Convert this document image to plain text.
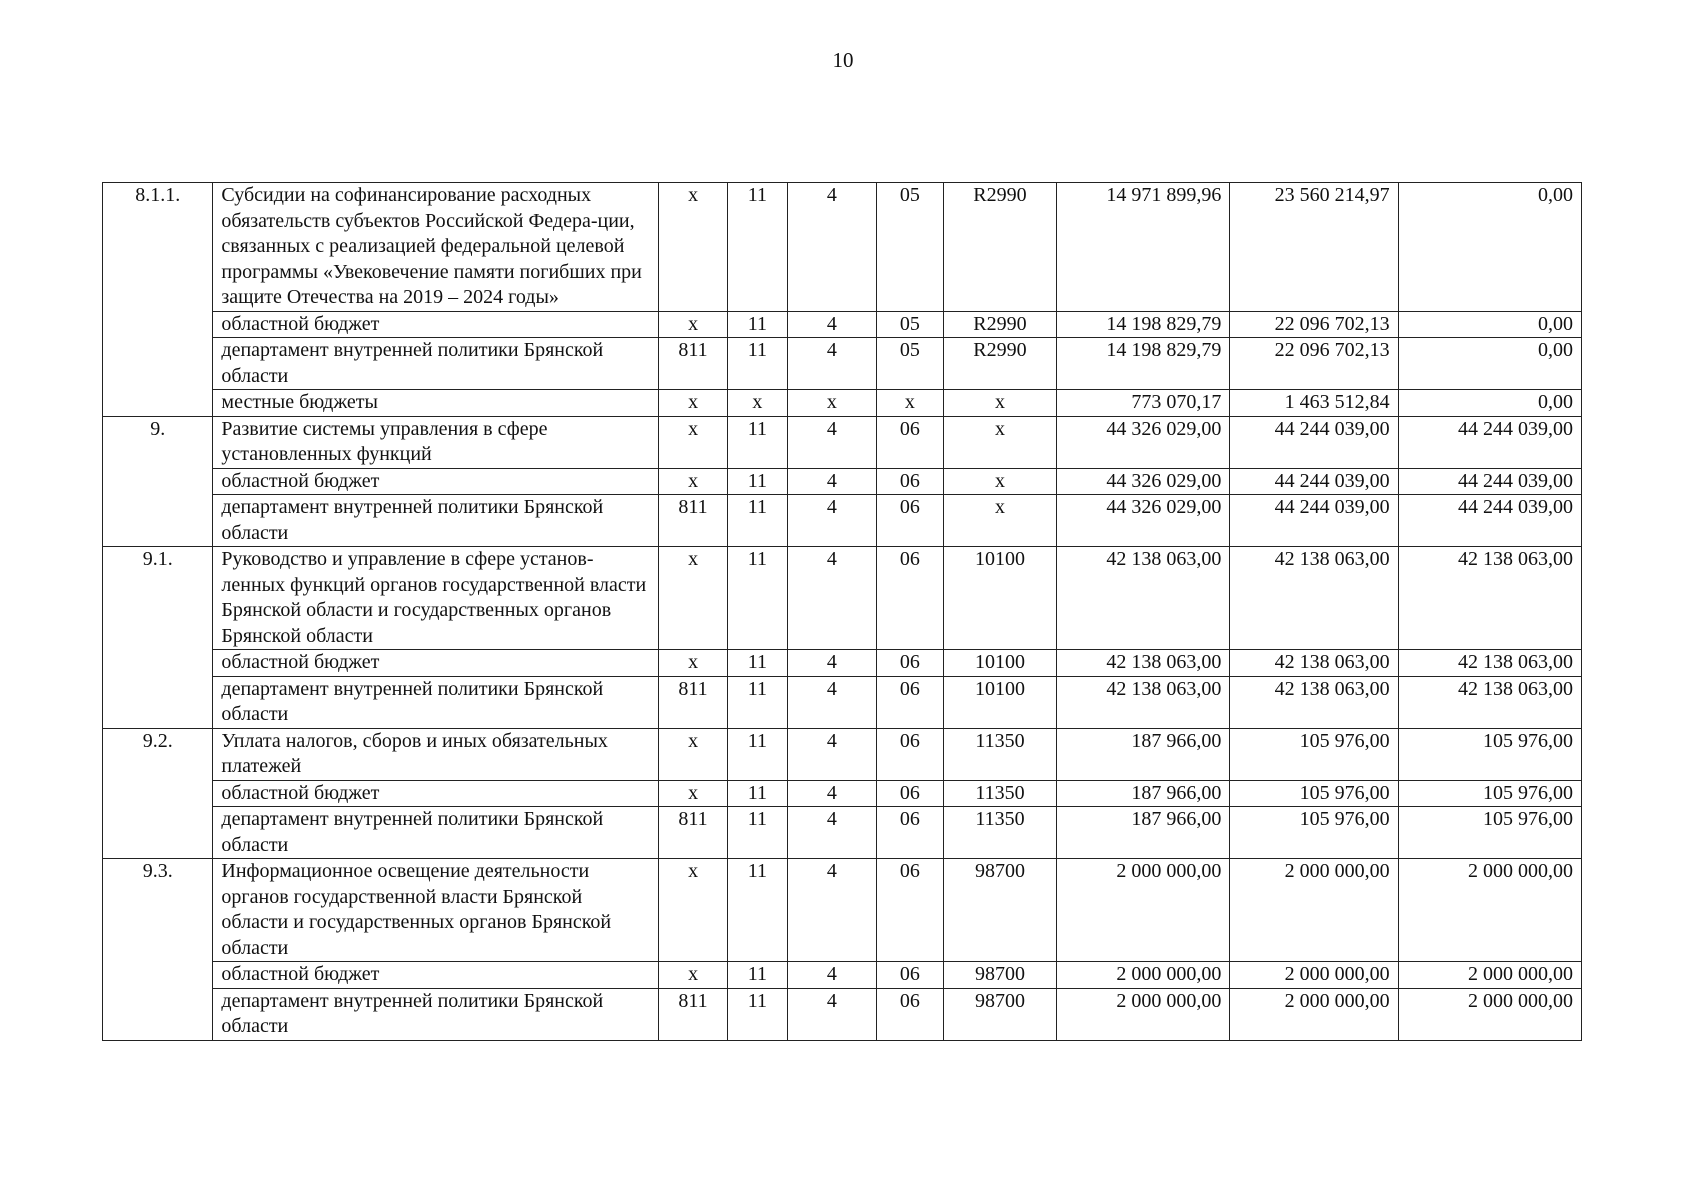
10
8.1.1.	Субсидии на софинансирование расходных обязательств субъектов Российской Федера-ции, связанных с реализацией федеральной целевой программы «Увековечение памяти погибших при защите Отечества на 2019 – 2024 годы»	х	11	4	05	R2990	14 971 899,96	23 560 214,97	0,00
	областной бюджет	х	11	4	05	R2990	14 198 829,79	22 096 702,13	0,00
	департамент внутренней политики Брянской области	811	11	4	05	R2990	14 198 829,79	22 096 702,13	0,00
	местные бюджеты	х	х	х	х	х	773 070,17	1 463 512,84	0,00
9.	Развитие системы управления в сфере установленных функций	х	11	4	06	х	44 326 029,00	44 244 039,00	44 244 039,00
	областной бюджет	х	11	4	06	х	44 326 029,00	44 244 039,00	44 244 039,00
	департамент внутренней политики Брянской области	811	11	4	06	х	44 326 029,00	44 244 039,00	44 244 039,00
9.1.	Руководство и управление в сфере установ-ленных функций органов государственной власти Брянской области и государственных органов Брянской области	х	11	4	06	10100	42 138 063,00	42 138 063,00	42 138 063,00
	областной бюджет	х	11	4	06	10100	42 138 063,00	42 138 063,00	42 138 063,00
	департамент внутренней политики Брянской области	811	11	4	06	10100	42 138 063,00	42 138 063,00	42 138 063,00
9.2.	Уплата налогов, сборов и иных обязательных платежей	х	11	4	06	11350	187 966,00	105 976,00	105 976,00
	областной бюджет	х	11	4	06	11350	187 966,00	105 976,00	105 976,00
	департамент внутренней политики Брянской области	811	11	4	06	11350	187 966,00	105 976,00	105 976,00
9.3.	Информационное освещение деятельности органов государственной власти Брянской области и государственных органов Брянской области	х	11	4	06	98700	2 000 000,00	2 000 000,00	2 000 000,00
	областной бюджет	х	11	4	06	98700	2 000 000,00	2 000 000,00	2 000 000,00
	департамент внутренней политики Брянской области	811	11	4	06	98700	2 000 000,00	2 000 000,00	2 000 000,00
